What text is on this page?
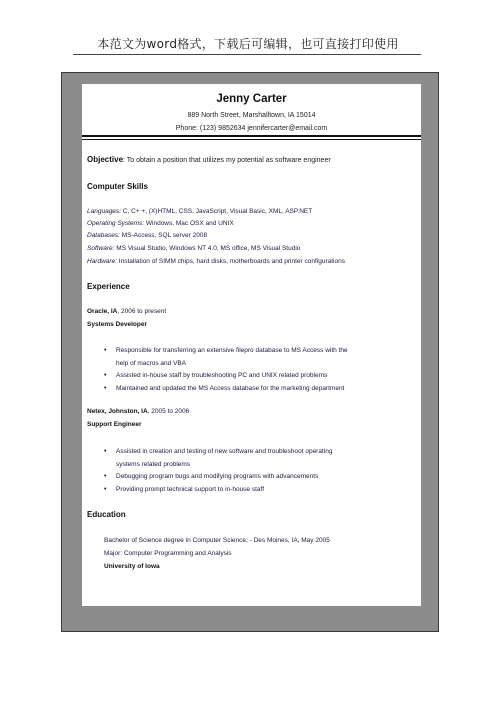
本范文为word格式，下载后可编辑，也可直接打印使用
Jenny Carter
889 North Street, Marshalltown, IA 15014
Phone: (123) 9852634 jennifercarter@email.com
Objective: To obtain a position that utilizes my potential as software engineer
Computer Skills
Languages: C, C+ +, (X)HTML, CSS, JavaScript, Visual Basic, XML, ASP.NET
Operating Systems: Windows, Mac OSX and UNIX
Databases: MS-Access, SQL server 2008
Software: MS Visual Studio, Windows NT 4.0, MS office, MS Visual Studio
Hardware: Installation of SIMM chips, hard disks, motherboards and printer configurations
Experience
Oracle, IA, 2006 to present
Systems Developer
• Responsible for transferring an extensive filepro database to MS Access with the
help of macros and VBA
• Assisted in-house staff by troubleshooting PC and UNIX related problems
• Maintained and updated the MS Access database for the marketing department
Netex, Johnston, IA, 2005 to 2006
Support Engineer
• Assisted in creation and testing of new software and troubleshoot operating
systems related problems
• Debugging program bugs and modifying programs with advancements
• Providing prompt technical support to in-house staff
Education
Bachelor of Science degree in Computer Science, - Des Moines, IA, May 2005
Major: Computer Programming and Analysis
University of Iowa
